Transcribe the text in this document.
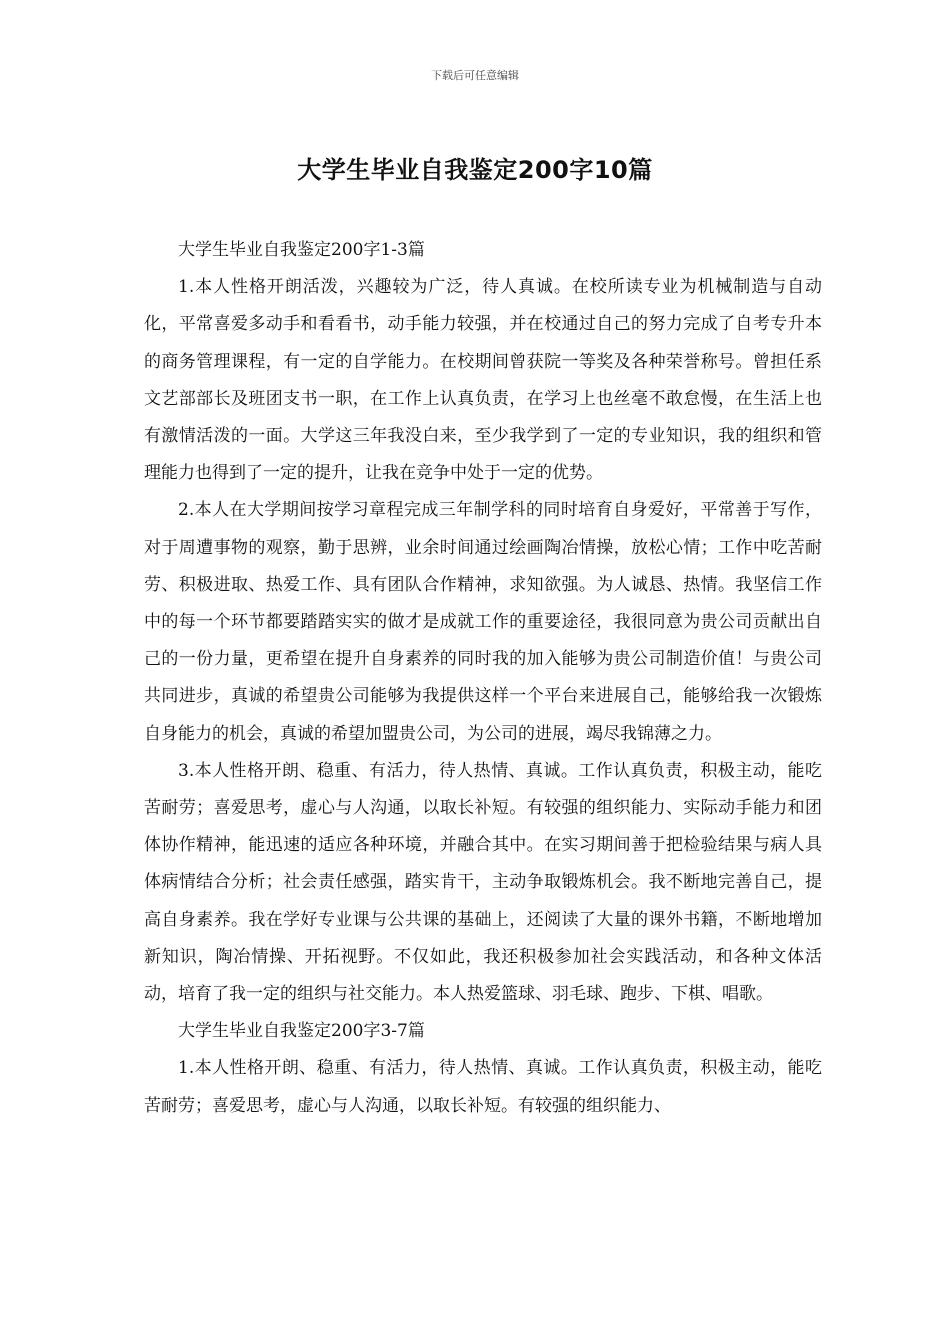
下载后可任意编辑
大学生毕业自我鉴定200字10篇

大学生毕业自我鉴定200字1-3篇

1.本人性格开朗活泼，兴趣较为广泛，待人真诚。在校所读专业为机械制造与自动化，平常喜爱多动手和看看书，动手能力较强，并在校通过自己的努力完成了自考专升本的商务管理课程，有一定的自学能力。在校期间曾获院一等奖及各种荣誉称号。曾担任系文艺部部长及班团支书一职，在工作上认真负责，在学习上也丝毫不敢怠慢，在生活上也有激情活泼的一面。大学这三年我没白来，至少我学到了一定的专业知识，我的组织和管理能力也得到了一定的提升，让我在竞争中处于一定的优势。

2.本人在大学期间按学习章程完成三年制学科的同时培育自身爱好，平常善于写作，对于周遭事物的观察，勤于思辨，业余时间通过绘画陶冶情操，放松心情；工作中吃苦耐劳、积极进取、热爱工作、具有团队合作精神，求知欲强。为人诚恳、热情。我坚信工作中的每一个环节都要踏踏实实的做才是成就工作的重要途径，我很同意为贵公司贡献出自己的一份力量，更希望在提升自身素养的同时我的加入能够为贵公司制造价值！与贵公司共同进步，真诚的希望贵公司能够为我提供这样一个平台来进展自己，能够给我一次锻炼自身能力的机会，真诚的希望加盟贵公司，为公司的进展，竭尽我锦薄之力。

3.本人性格开朗、稳重、有活力，待人热情、真诚。工作认真负责，积极主动，能吃苦耐劳；喜爱思考，虚心与人沟通，以取长补短。有较强的组织能力、实际动手能力和团体协作精神，能迅速的适应各种环境，并融合其中。在实习期间善于把检验结果与病人具体病情结合分析；社会责任感强，踏实肯干，主动争取锻炼机会。我不断地完善自己，提高自身素养。我在学好专业课与公共课的基础上，还阅读了大量的课外书籍，不断地增加新知识，陶冶情操、开拓视野。不仅如此，我还积极参加社会实践活动，和各种文体活动，培育了我一定的组织与社交能力。本人热爱篮球、羽毛球、跑步、下棋、唱歌。

大学生毕业自我鉴定200字3-7篇

1.本人性格开朗、稳重、有活力，待人热情、真诚。工作认真负责，积极主动，能吃苦耐劳；喜爱思考，虚心与人沟通，以取长补短。有较强的组织能力、
